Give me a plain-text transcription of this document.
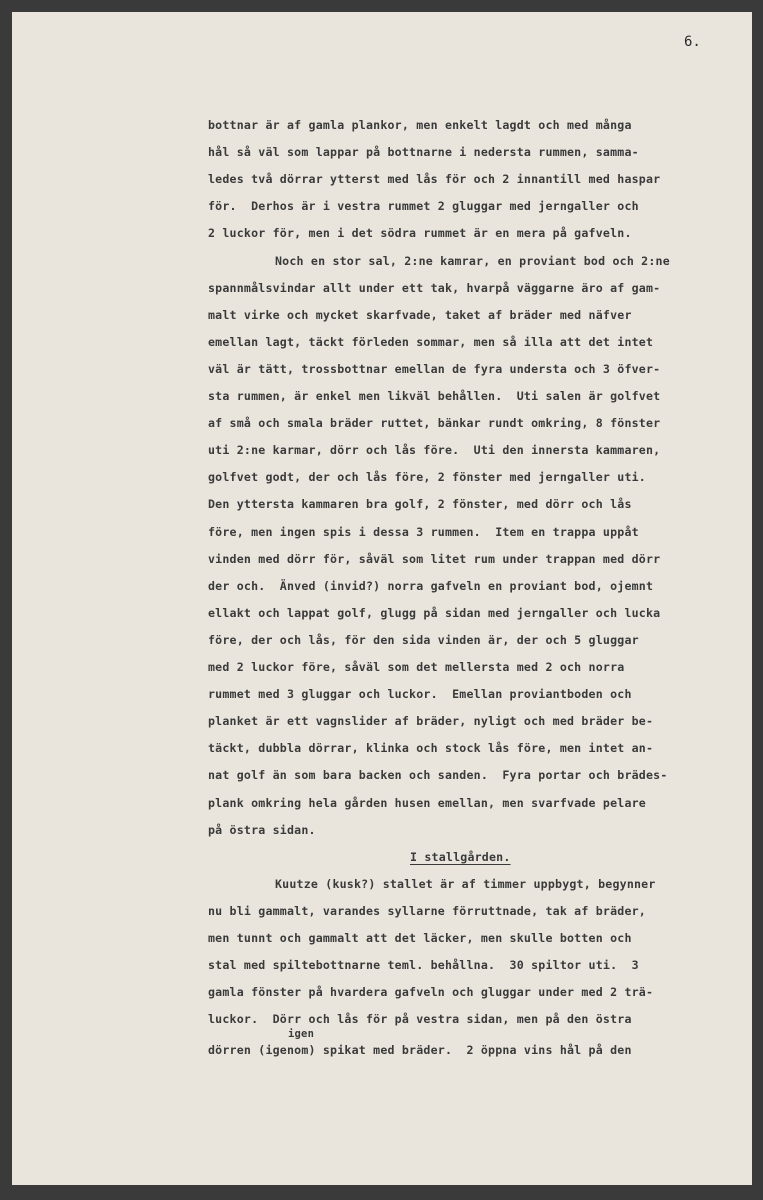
6.
bottnar är af gamla plankor, men enkelt lagdt och med många
hål så väl som lappar på bottnarne i nedersta rummen, samma-
ledes två dörrar ytterst med lås för och 2 innantill med haspar
för.  Derhos är i vestra rummet 2 gluggar med jerngaller och
2 luckor för, men i det södra rummet är en mera på gafveln.
Noch en stor sal, 2:ne kamrar, en proviant bod och 2:ne
spannmålsvindar allt under ett tak, hvarpå väggarne äro af gam-
malt virke och mycket skarfvade, taket af bräder med näfver
emellan lagt, täckt förleden sommar, men så illa att det intet
väl är tätt, trossbottnar emellan de fyra understa och 3 öfver-
sta rummen, är enkel men likväl behållen.  Uti salen är golfvet
af små och smala bräder ruttet, bänkar rundt omkring, 8 fönster
uti 2:ne karmar, dörr och lås före.  Uti den innersta kammaren,
golfvet godt, der och lås före, 2 fönster med jerngaller uti.
Den yttersta kammaren bra golf, 2 fönster, med dörr och lås
före, men ingen spis i dessa 3 rummen.  Item en trappa uppåt
vinden med dörr för, såväl som litet rum under trappan med dörr
der och.  Änved (invid?) norra gafveln en proviant bod, ojemnt
ellakt och lappat golf, glugg på sidan med jerngaller och lucka
före, der och lås, för den sida vinden är, der och 5 gluggar
med 2 luckor före, såväl som det mellersta med 2 och norra
rummet med 3 gluggar och luckor.  Emellan proviantboden och
planket är ett vagnslider af bräder, nyligt och med bräder be-
täckt, dubbla dörrar, klinka och stock lås före, men intet an-
nat golf än som bara backen och sanden.  Fyra portar och brädes-
plank omkring hela gården husen emellan, men svarfvade pelare
på östra sidan.
I stallgården.
Kuutze (kusk?) stallet är af timmer uppbygt, begynner
nu bli gammalt, varandes syllarne förruttnade, tak af bräder,
men tunnt och gammalt att det läcker, men skulle botten och
stal med spiltebottnarne teml. behållna.  30 spiltor uti.  3
gamla fönster på hvardera gafveln och gluggar under med 2 trä-
luckor.  Dörr och lås för på vestra sidan, men på den östra
igen
dörren (igenom) spikat med bräder.  2 öppna vins hål på den
